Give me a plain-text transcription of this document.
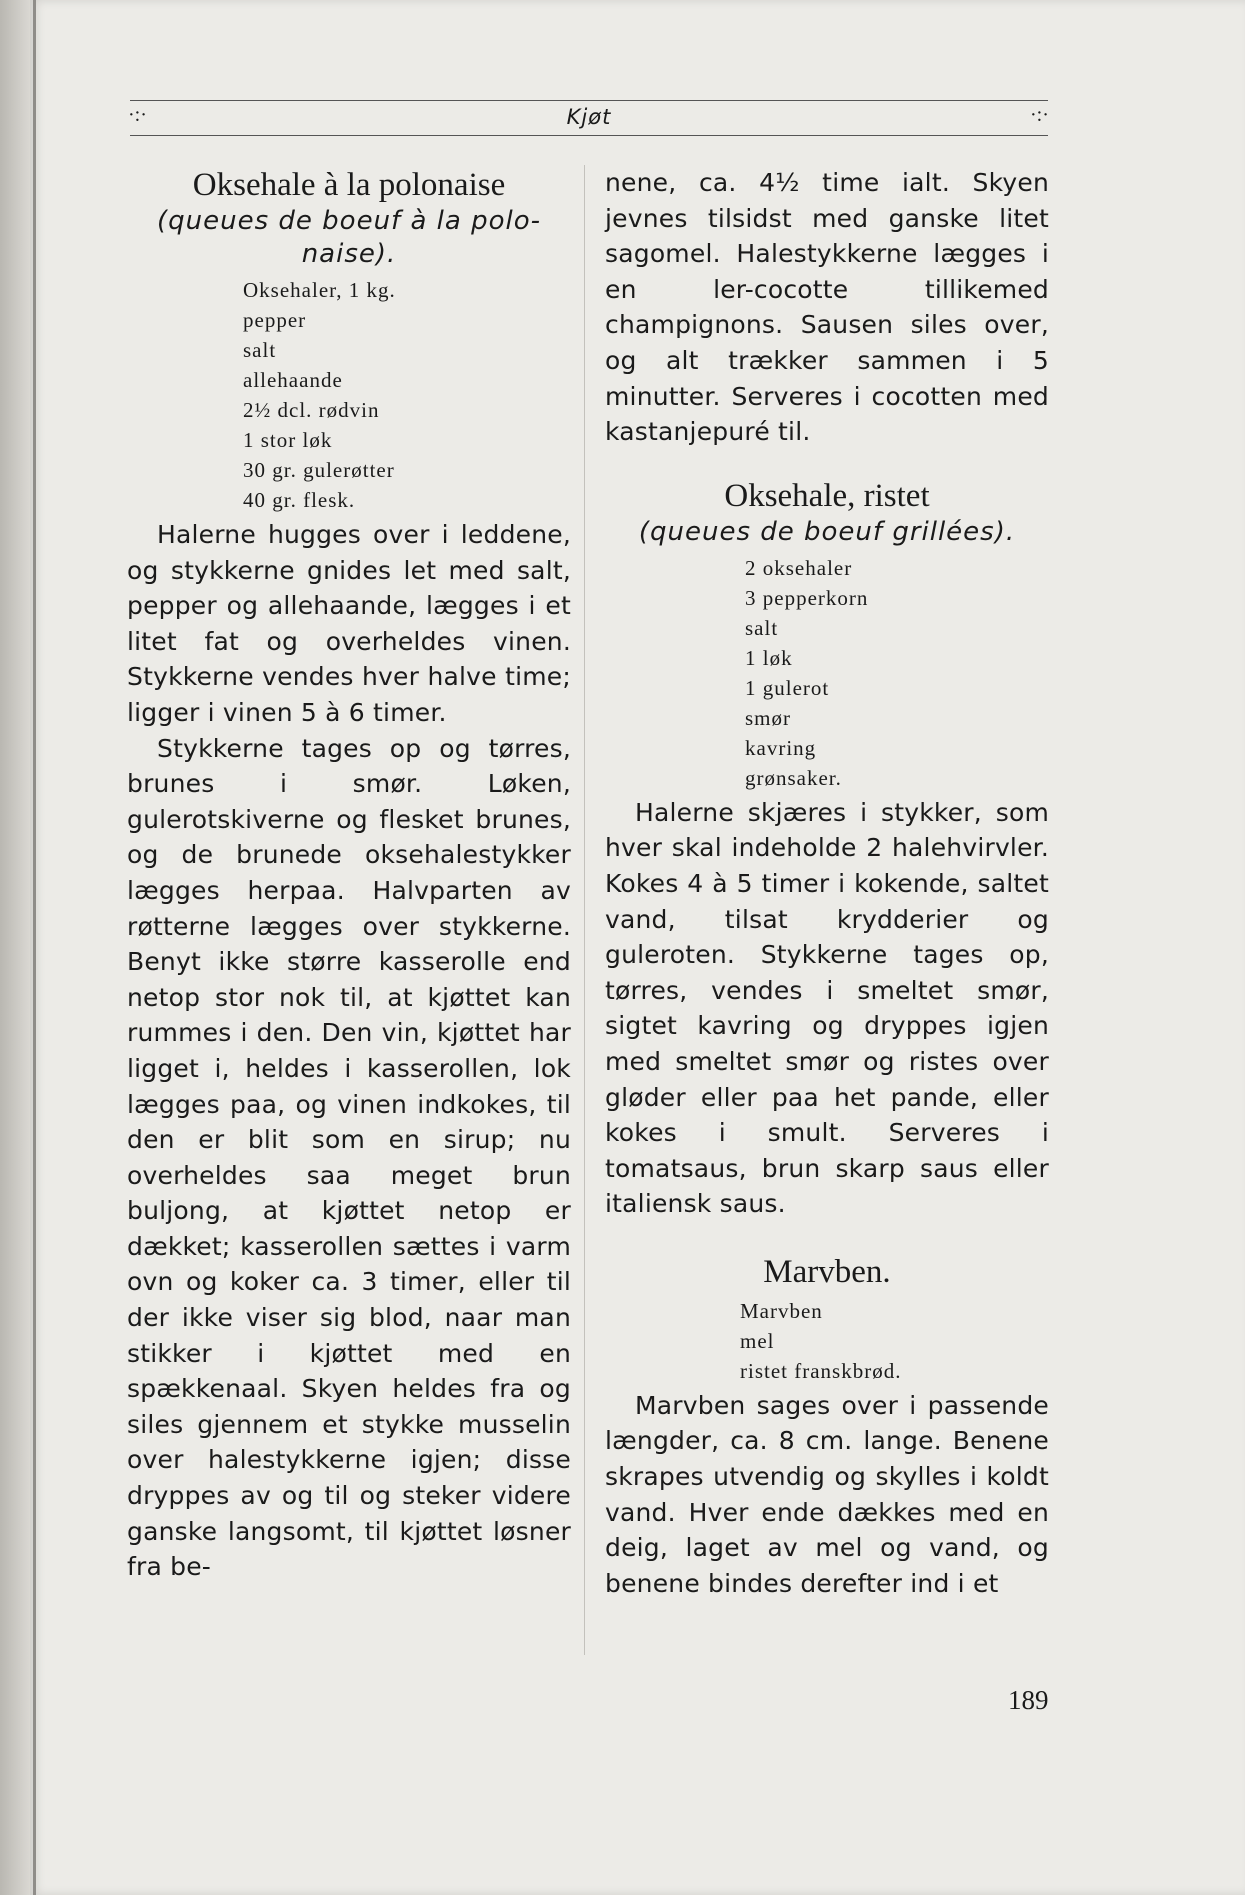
·:·	Kjøt	·:·
Oksehale à la polonaise

(queues de boeuf à la polo-

naise).

Oksehaler, 1 kg.
pepper
salt
allehaande
2½ dcl. rødvin
1 stor løk
30 gr. gulerøtter
40 gr. flesk.

Halerne hugges over i leddene, og stykkerne gnides let med salt, pepper og allehaande, lægges i et litet fat og overheldes vinen. Stykkerne vendes hver halve time; ligger i vinen 5 à 6 timer.

Stykkerne tages op og tørres, brunes i smør. Løken, gulerotskiverne og flesket brunes, og de brunede oksehalestykker lægges herpaa. Halvparten av røtterne lægges over stykkerne. Benyt ikke større kasserolle end netop stor nok til, at kjøttet kan rummes i den. Den vin, kjøttet har ligget i, heldes i kasserollen, lok lægges paa, og vinen indkokes, til den er blit som en sirup; nu overheldes saa meget brun buljong, at kjøttet netop er dækket; kasserollen sættes i varm ovn og koker ca. 3 timer, eller til der ikke viser sig blod, naar man stikker i kjøttet med en spækkenaal. Skyen heldes fra og siles gjennem et stykke musselin over halestykkerne igjen; disse dryppes av og til og steker videre ganske langsomt, til kjøttet løsner fra be-

nene, ca. 4½ time ialt. Skyen jevnes tilsidst med ganske litet sagomel. Halestykkerne lægges i en ler-cocotte tillikemed champignons. Sausen siles over, og alt trækker sammen i 5 minutter. Serveres i cocotten med kastanjepuré til.

Oksehale, ristet

(queues de boeuf grillées).

2 oksehaler
3 pepperkorn
salt
1 løk
1 gulerot
smør
kavring
grønsaker.

Halerne skjæres i stykker, som hver skal indeholde 2 halehvirvler. Kokes 4 à 5 timer i kokende, saltet vand, tilsat krydderier og guleroten. Stykkerne tages op, tørres, vendes i smeltet smør, sigtet kavring og dryppes igjen med smeltet smør og ristes over gløder eller paa het pande, eller kokes i smult. Serveres i tomatsaus, brun skarp saus eller italiensk saus.

Marvben.
Marvben
mel
ristet franskbrød.

Marvben sages over i passende længder, ca. 8 cm. lange. Benene skrapes utvendig og skylles i koldt vand. Hver ende dækkes med en deig, laget av mel og vand, og benene bindes derefter ind i et

189
